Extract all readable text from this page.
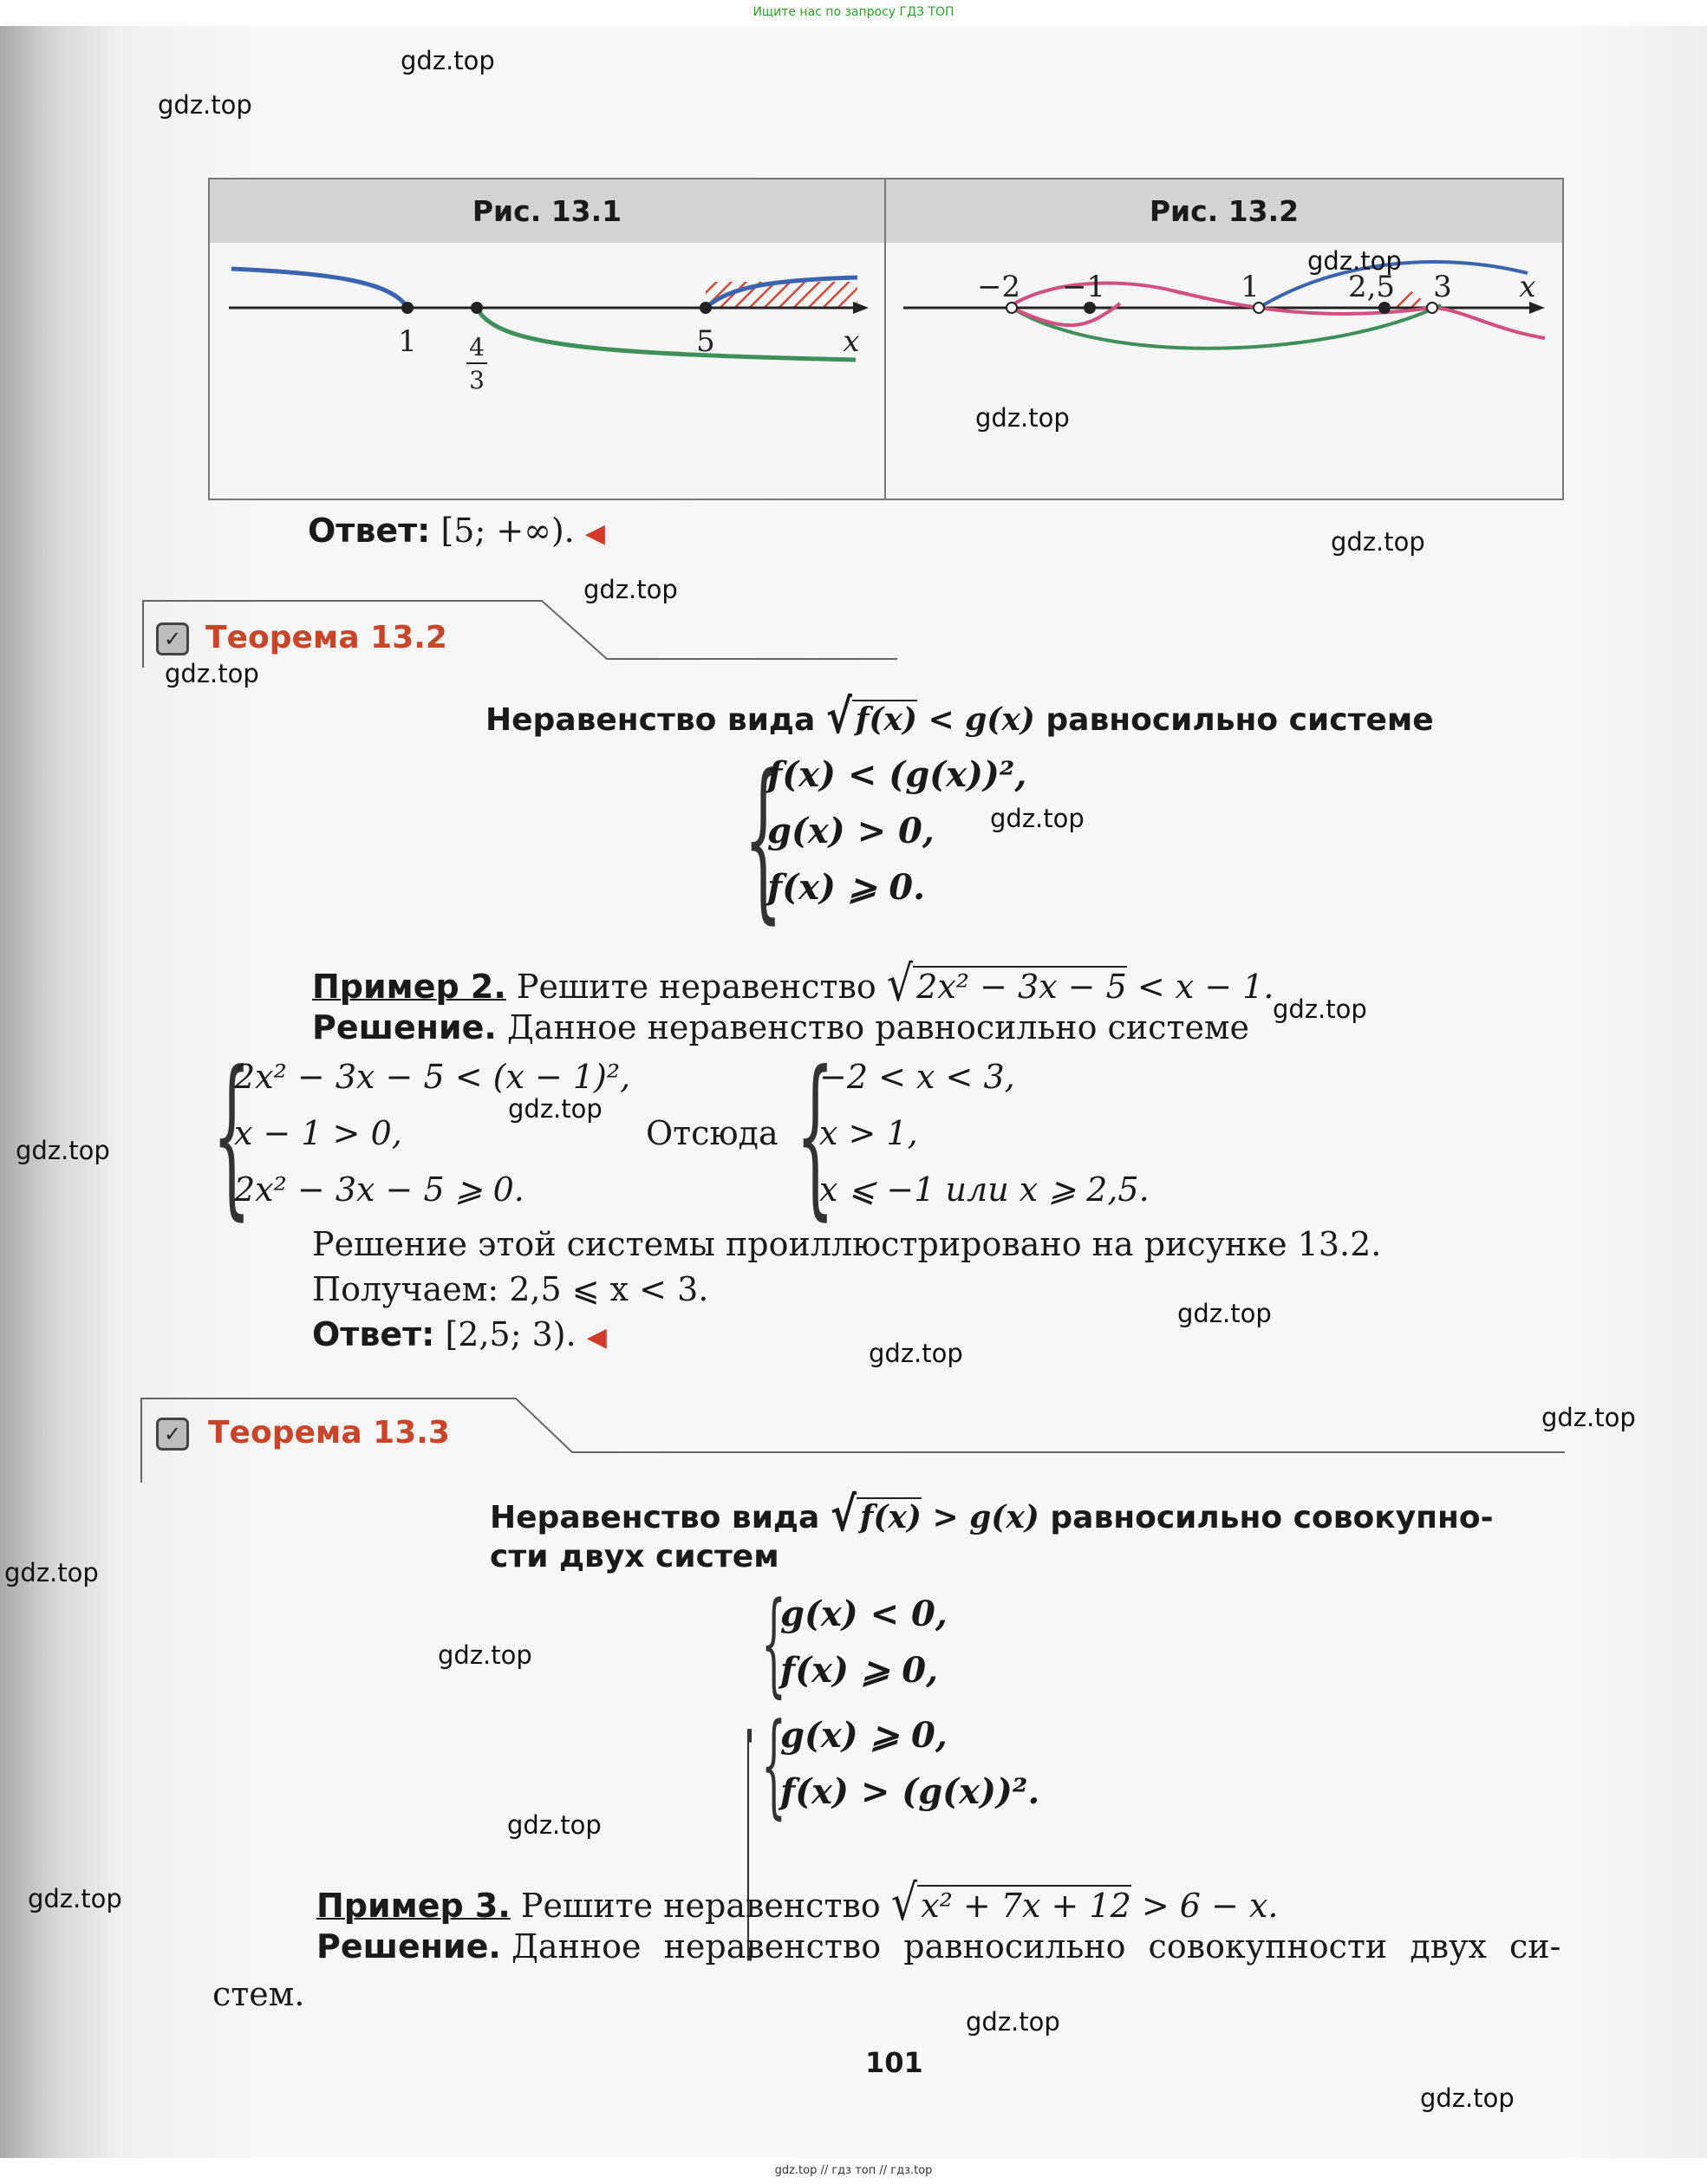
Ищите нас по запросу ГДЗ ТОП
Рис. 13.1	Рис. 13.2
1 4
3
5	x
−2 −1	1	2,5 3 x
Ответ: [5; +∞). ◀
✓ Теорема 13.2
Неравенство вида √ f(x) < g(x) равносильно системе
{
f(x) < (g(x))²,
g(x) > 0,
f(x) ⩾ 0.
Пример 2. Решите неравенство √ 2x² − 3x − 5 < x − 1.
Решение. Данное неравенство равносильно системе
{
2x² − 3x − 5 < (x − 1)²,
x − 1 > 0,
2x² − 3x − 5 ⩾ 0.
Отсюда {
−2 < x < 3,
x > 1,
x ⩽ −1 или x ⩾ 2,5.
Решение этой системы проиллюстрировано на рисунке 13.2.
Получаем: 2,5 ⩽ x < 3.
Ответ: [2,5; 3). ◀
✓ Теорема 13.3
Неравенство вида √ f(x) > g(x) равносильно совокупно-
сти двух систем
[
{
g(x) < 0,
f(x) ⩾ 0,
{
g(x) ⩾ 0,
f(x) > (g(x))².
Пример 3. Решите неравенство √ x² + 7x + 12 > 6 − x.
Решение. Данное неравенство равносильно совокупности двух си-
стем.
101
gdz.top
gdz.top
gdz.top
gdz.top
gdz.top
gdz.top
gdz.top
gdz.top
gdz.top
gdz.top
gdz.top
gdz.top
gdz.top
gdz.top
gdz.top
gdz.top
gdz.top
gdz.top
gdz.top
gdz.top
gdz.top // гдз топ // гдз.top
